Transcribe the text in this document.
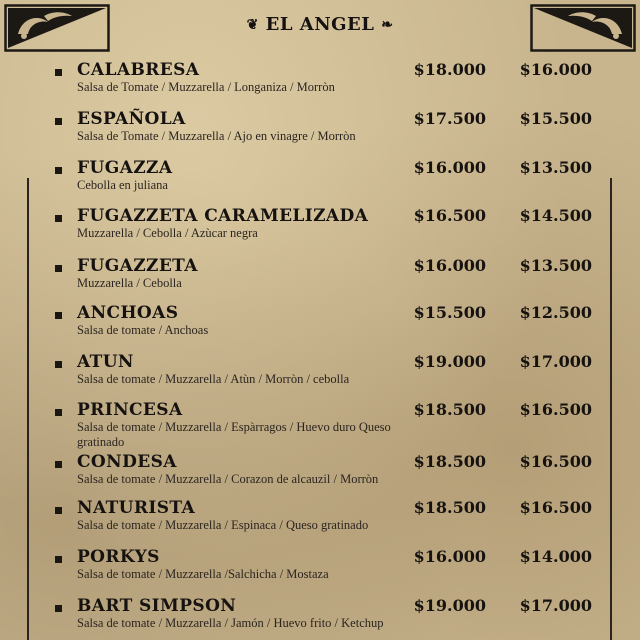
❦ EL ANGEL ❧
CALABRESA
Salsa de Tomate / Muzzarella / Longaniza / Morròn
$18.000 $16.000
ESPAÑOLA
Salsa de Tomate / Muzzarella / Ajo en vinagre / Morròn
$17.500 $15.500
FUGAZZA
Cebolla en juliana
$16.000 $13.500
FUGAZZETA CARAMELIZADA
Muzzarella / Cebolla / Azùcar negra
$16.500 $14.500
FUGAZZETA
Muzzarella / Cebolla
$16.000 $13.500
ANCHOAS
Salsa de tomate / Anchoas
$15.500 $12.500
ATUN
Salsa de tomate / Muzzarella / Atùn / Morròn / cebolla
$19.000 $17.000
PRINCESA
Salsa de tomate / Muzzarella / Espàrragos / Huevo duro Queso gratinado
$18.500 $16.500
CONDESA
Salsa de tomate / Muzzarella / Corazon de alcauzil / Morròn
$18.500 $16.500
NATURISTA
Salsa de tomate / Muzzarella / Espinaca / Queso gratinado
$18.500 $16.500
PORKYS
Salsa de tomate / Muzzarella /Salchicha / Mostaza
$16.000 $14.000
BART SIMPSON
Salsa de tomate / Muzzarella / Jamón / Huevo frito / Ketchup
$19.000 $17.000
